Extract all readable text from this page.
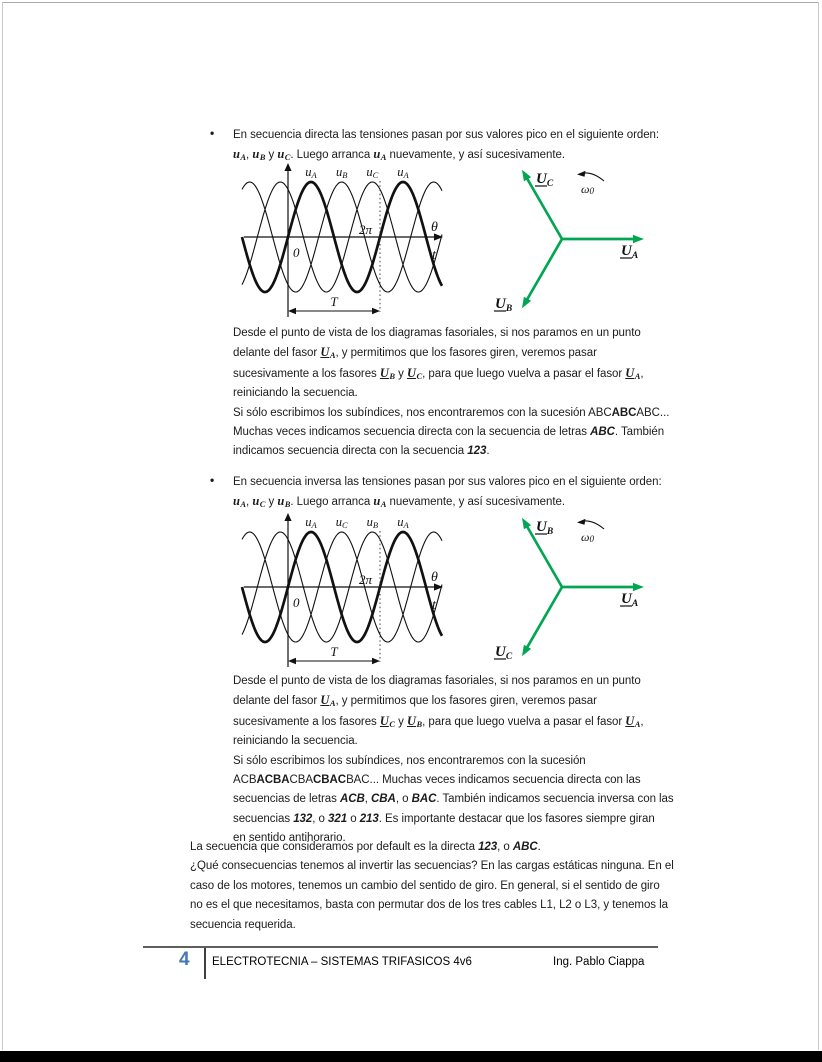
• En secuencia directa las tensiones pasan por sus valores pico en el siguiente orden:
$u_A$, $u_B$ y $u_C$. Luego arranca $u_A$ nuevamente, y así sucesivamente.
uA uB uC uA
0
2π	θ
t
T
$U_C$
$U_A$
$U_B$
ω0
Desde el punto de vista de los diagramas fasoriales, si nos paramos en un punto
delante del fasor $U_A$, y permitimos que los fasores giren, veremos pasar
sucesivamente a los fasores $U_B$ y $U_C$, para que luego vuelva a pasar el fasor $U_A$,
reiniciando la secuencia.
Si sólo escribimos los subíndices, nos encontraremos con la sucesión ABCABCABC...
Muchas veces indicamos secuencia directa con la secuencia de letras ABC. También
indicamos secuencia directa con la secuencia 123.
• En secuencia inversa las tensiones pasan por sus valores pico en el siguiente orden:
$u_A$, $u_C$ y $u_B$. Luego arranca $u_A$ nuevamente, y así sucesivamente.
uA uC uB uA
0
2π	θ
t
T
$U_B$
$U_A$
$U_C$
ω0
Desde el punto de vista de los diagramas fasoriales, si nos paramos en un punto
delante del fasor $U_A$, y permitimos que los fasores giren, veremos pasar
sucesivamente a los fasores $U_C$ y $U_B$, para que luego vuelva a pasar el fasor $U_A$,
reiniciando la secuencia.
Si sólo escribimos los subíndices, nos encontraremos con la sucesión
ACBACBACBACBACBAC... Muchas veces indicamos secuencia directa con las
secuencias de letras ACB, CBA, o BAC. También indicamos secuencia inversa con las
secuencias 132, o 321 o 213. Es importante destacar que los fasores siempre giran
en sentido antihorario.
La secuencia que consideramos por default es la directa 123, o ABC.
¿Qué consecuencias tenemos al invertir las secuencias? En las cargas estáticas ninguna. En el
caso de los motores, tenemos un cambio del sentido de giro. En general, si el sentido de giro
no es el que necesitamos, basta con permutar dos de los tres cables L1, L2 o L3, y tenemos la
secuencia requerida.
4 ELECTROTECNIA – SISTEMAS TRIFASICOS 4v6	Ing. Pablo Ciappa
